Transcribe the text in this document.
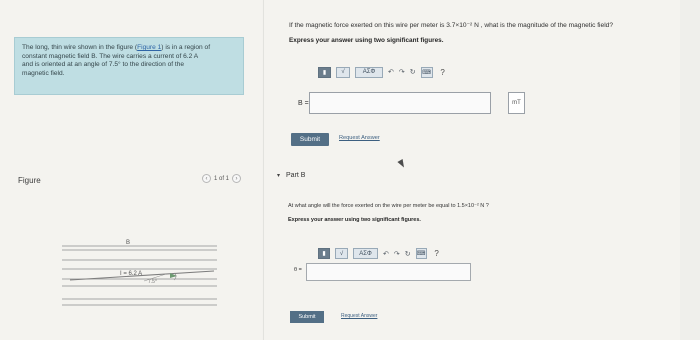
The long, thin wire shown in the figure (Figure 1) is in a region of
constant magnetic field B. The wire carries a current of 6.2 A
and is oriented at an angle of 7.5° to the direction of the
magnetic field.
Figure	‹	1 of 1	›
B
I = 6.2 A
7.5°
If the magnetic force exerted on this wire per meter is 3.7×10⁻² N , what is the magnitude of the magnetic field?
Express your answer using two significant figures.
▮	√	ΑΣΦ	↶ ↷ ↻ ⌨	?
B =	mT
Submit	Request Answer
▾ Part B
At what angle will the force exerted on the wire per meter be equal to 1.5×10⁻² N ?
Express your answer using two significant figures.
▮	√	ΑΣΦ	↶ ↷ ↻ ⌨	?
θ =
Submit	Request Answer
